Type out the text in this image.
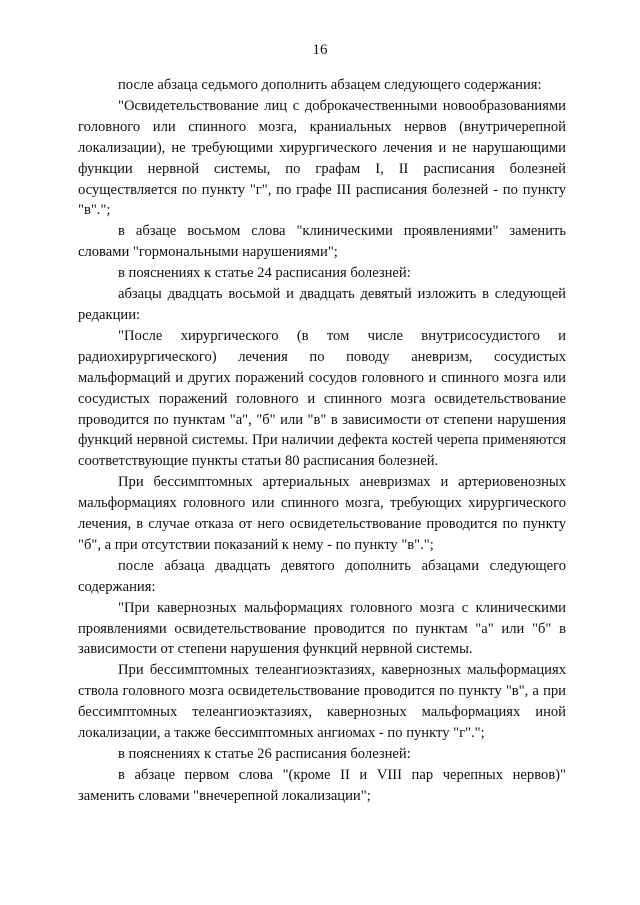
16

после абзаца седьмого дополнить абзацем следующего содержания:

"Освидетельствование лиц с доброкачественными новообразованиями головного или спинного мозга, краниальных нервов (внутричерепной локализации), не требующими хирургического лечения и не нарушающими функции нервной системы, по графам I, II расписания болезней осуществляется по пункту "г", по графе III расписания болезней - по пункту "в".";

в абзаце восьмом слова "клиническими проявлениями" заменить словами "гормональными нарушениями";

в пояснениях к статье 24 расписания болезней:

абзацы двадцать восьмой и двадцать девятый изложить в следующей редакции:

"После хирургического (в том числе внутрисосудистого и радиохирургического) лечения по поводу аневризм, сосудистых мальформаций и других поражений сосудов головного и спинного мозга или сосудистых поражений головного и спинного мозга освидетельствование проводится по пунктам "а", "б" или "в" в зависимости от степени нарушения функций нервной системы. При наличии дефекта костей черепа применяются соответствующие пункты статьи 80 расписания болезней.

При бессимптомных артериальных аневризмах и артериовенозных мальформациях головного или спинного мозга, требующих хирургического лечения, в случае отказа от него освидетельствование проводится по пункту "б", а при отсутствии показаний к нему - по пункту "в".";

после абзаца двадцать девятого дополнить абзацами следующего содержания:

"При кавернозных мальформациях головного мозга с клиническими проявлениями освидетельствование проводится по пунктам "а" или "б" в зависимости от степени нарушения функций нервной системы.

При бессимптомных телеангиоэктазиях, кавернозных мальформациях ствола головного мозга освидетельствование проводится по пункту "в", а при бессимптомных телеангиоэктазиях, кавернозных мальформациях иной локализации, а также бессимптомных ангиомах - по пункту "г".";

в пояснениях к статье 26 расписания болезней:

в абзаце первом слова "(кроме II и VIII пар черепных нервов)" заменить словами "внечерепной локализации";
